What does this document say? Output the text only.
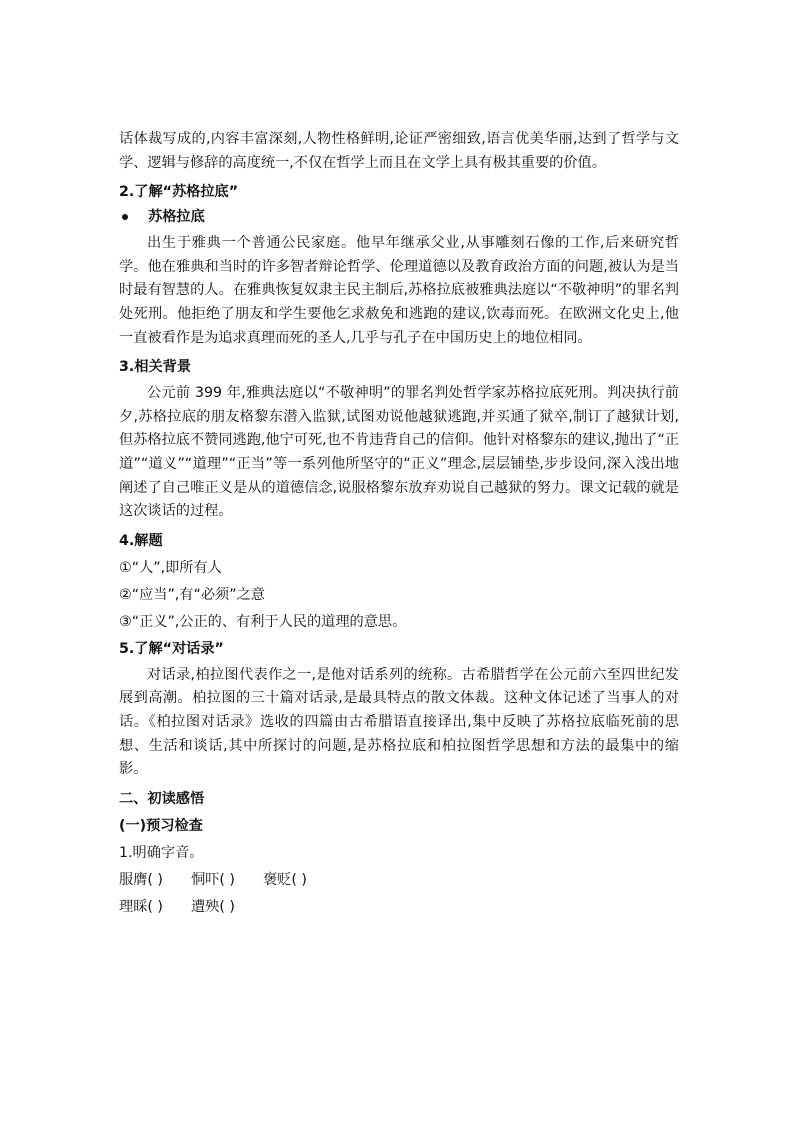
话体裁写成的,内容丰富深刻,人物性格鲜明,论证严密细致,语言优美华丽,达到了哲学与文学、逻辑与修辞的高度统一,不仅在哲学上而且在文学上具有极其重要的价值。
2.了解“苏格拉底”
苏格拉底
出生于雅典一个普通公民家庭。他早年继承父业,从事雕刻石像的工作,后来研究哲学。他在雅典和当时的许多智者辩论哲学、伦理道德以及教育政治方面的问题,被认为是当时最有智慧的人。在雅典恢复奴隶主民主制后,苏格拉底被雅典法庭以“不敬神明”的罪名判处死刑。他拒绝了朋友和学生要他乞求赦免和逃跑的建议,饮毒而死。在欧洲文化史上,他一直被看作是为追求真理而死的圣人,几乎与孔子在中国历史上的地位相同。
3.相关背景
公元前 399 年,雅典法庭以“不敬神明”的罪名判处哲学家苏格拉底死刑。判决执行前夕,苏格拉底的朋友格黎东潜入监狱,试图劝说他越狱逃跑,并买通了狱卒,制订了越狱计划,但苏格拉底不赞同逃跑,他宁可死,也不肯违背自己的信仰。他针对格黎东的建议,抛出了“正道”“道义”“道理”“正当”等一系列他所坚守的“正义”理念,层层铺垫,步步设问,深入浅出地阐述了自己唯正义是从的道德信念,说服格黎东放弃劝说自己越狱的努力。课文记载的就是这次谈话的过程。
4.解题
①“人”,即所有人
②“应当”,有“必须”之意
③“正义”,公正的、有利于人民的道理的意思。
5.了解“对话录”
对话录,柏拉图代表作之一,是他对话系列的统称。古希腊哲学在公元前六至四世纪发展到高潮。柏拉图的三十篇对话录,是最具特点的散文体裁。这种文体记述了当事人的对话。《柏拉图对话录》选收的四篇由古希腊语直接译出,集中反映了苏格拉底临死前的思想、生活和谈话,其中所探讨的问题,是苏格拉底和柏拉图哲学思想和方法的最集中的缩影。
二、初读感悟
(一)预习检查
1.明确字音。
服膺( ) 恫吓( ) 褒贬( )
理睬( ) 遭殃( )
